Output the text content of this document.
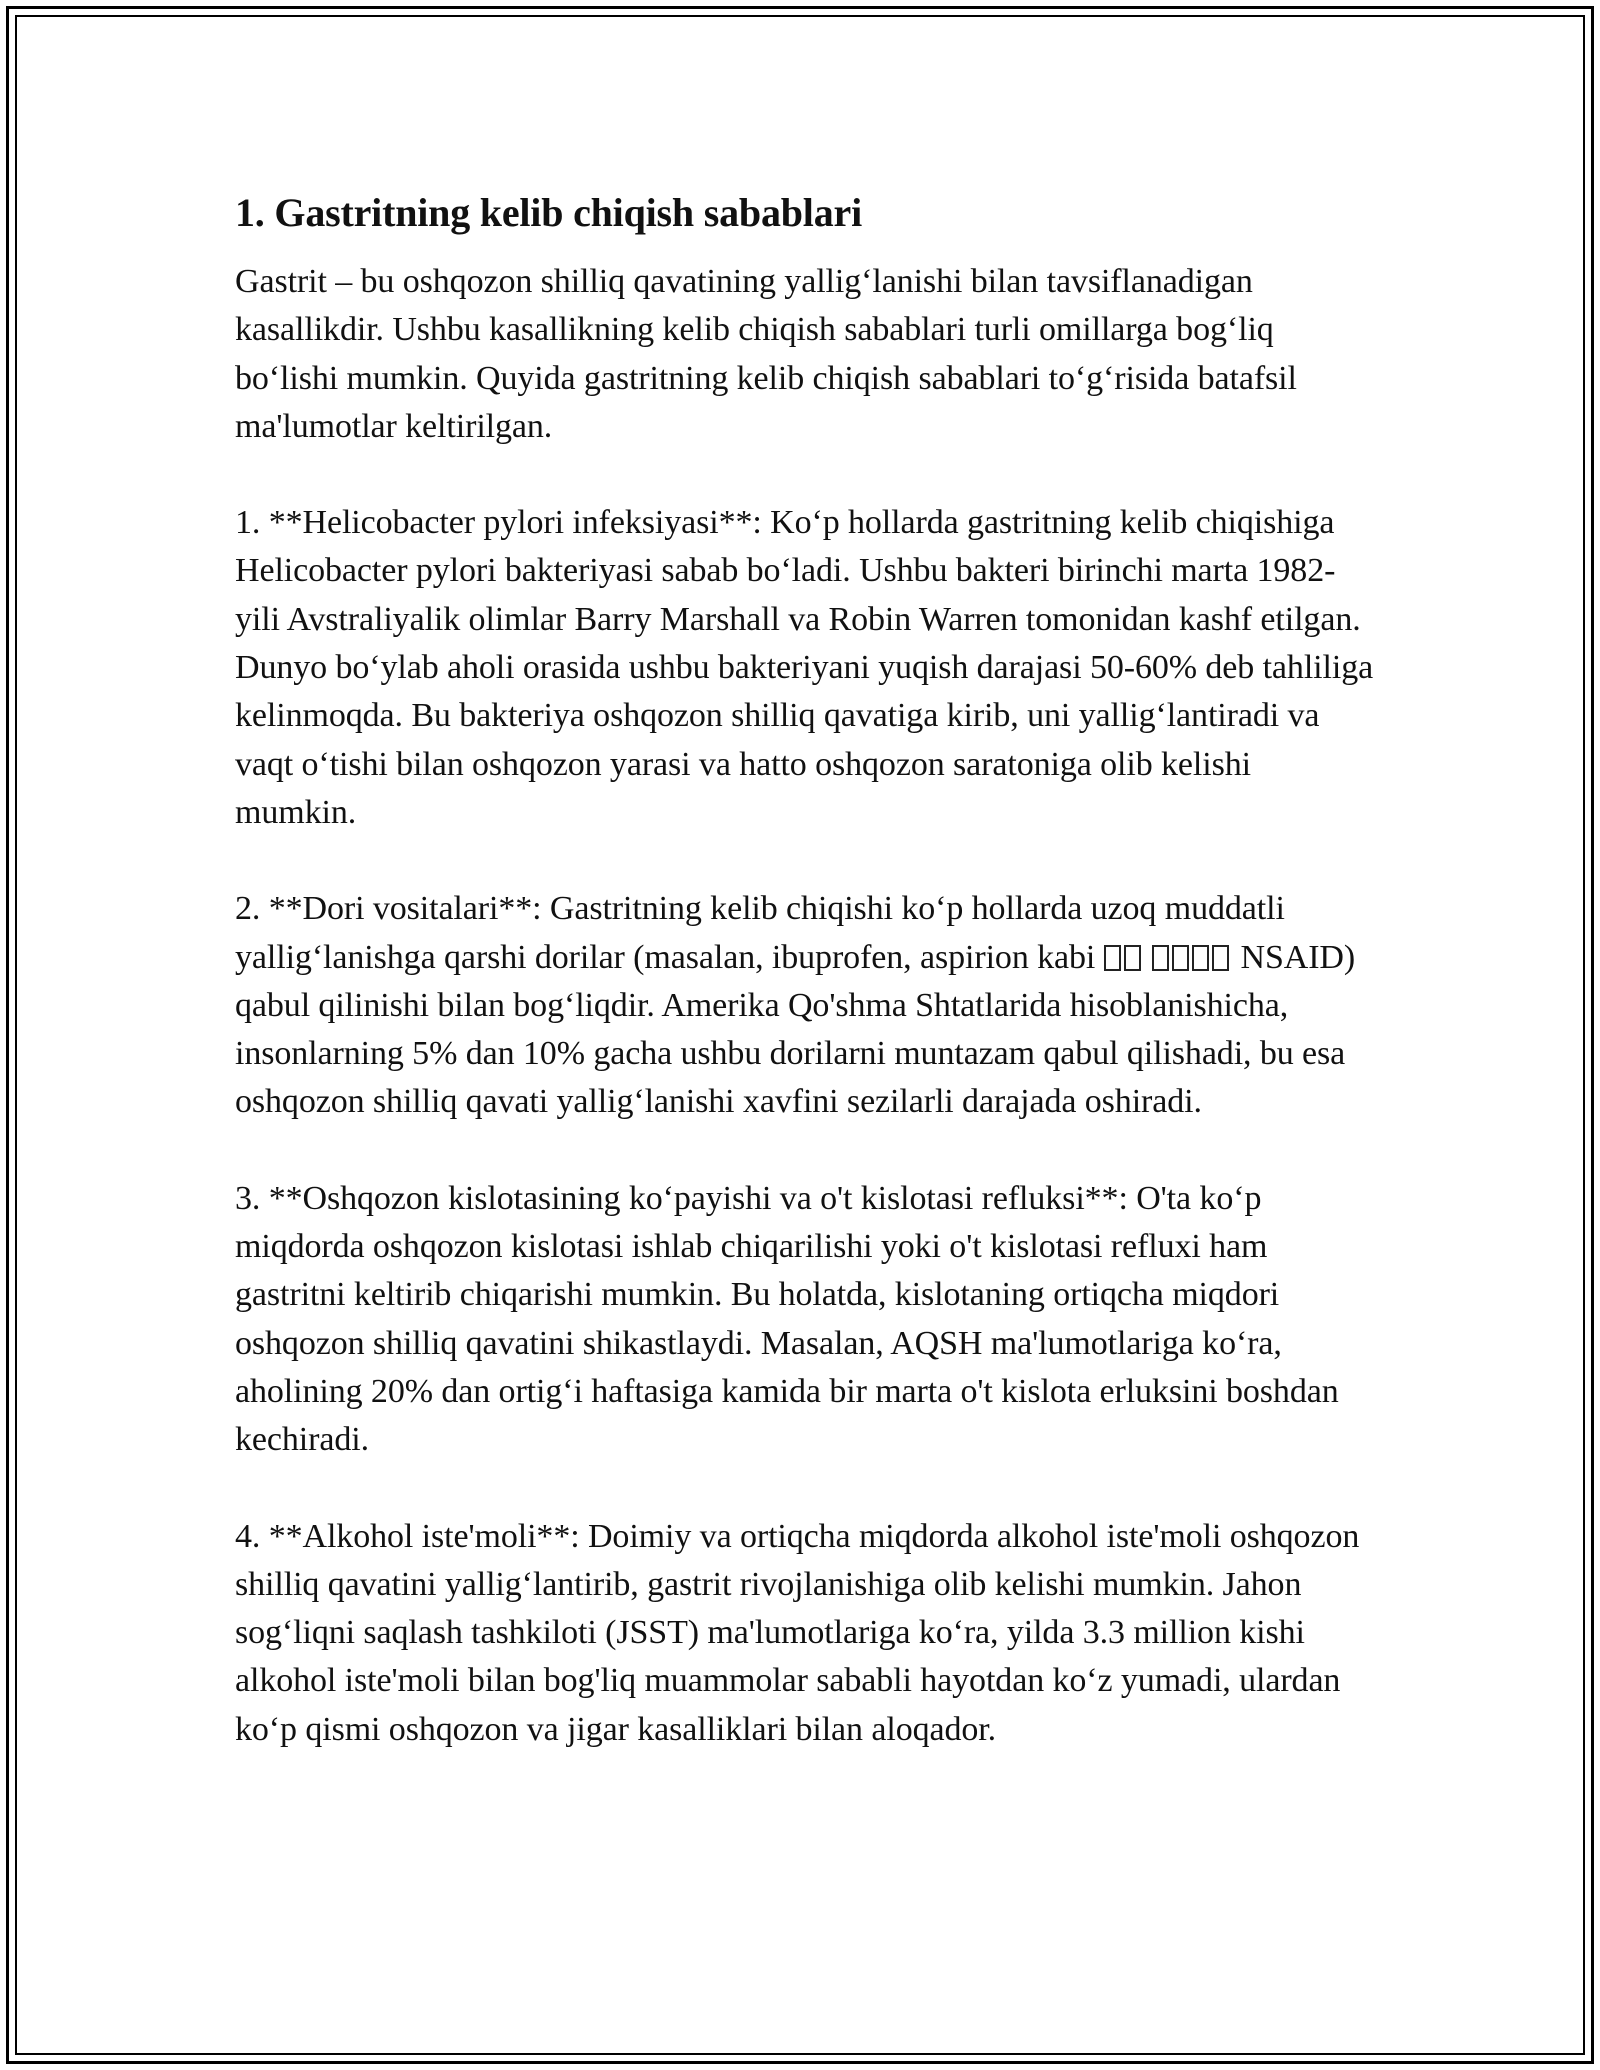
1. Gastritning kelib chiqish sabablari

Gastrit – bu oshqozon shilliq qavatining yallig‘lanishi bilan tavsiflanadigan kasallikdir. Ushbu kasallikning kelib chiqish sabablari turli omillarga bog‘liq bo‘lishi mumkin. Quyida gastritning kelib chiqish sabablari to‘g‘risida batafsil ma'lumotlar keltirilgan.

1. **Helicobacter pylori infeksiyasi**: Ko‘p hollarda gastritning kelib chiqishiga Helicobacter pylori bakteriyasi sabab bo‘ladi. Ushbu bakteri birinchi marta 1982-yili Avstraliyalik olimlar Barry Marshall va Robin Warren tomonidan kashf etilgan. Dunyo bo‘ylab aholi orasida ushbu bakteriyani yuqish darajasi 50-60% deb tahliliga kelinmoqda. Bu bakteriya oshqozon shilliq qavatiga kirib, uni yallig‘lantiradi va vaqt o‘tishi bilan oshqozon yarasi va hatto oshqozon saratoniga olib kelishi mumkin.

2. **Dori vositalari**: Gastritning kelib chiqishi ko‘p hollarda uzoq muddatli yallig‘lanishga qarshi dorilar (masalan, ibuprofen, aspirion kabi	NSAID) qabul qilinishi bilan bog‘liqdir. Amerika Qo'shma Shtatlarida hisoblanishicha, insonlarning 5% dan 10% gacha ushbu dorilarni muntazam qabul qilishadi, bu esa oshqozon shilliq qavati yallig‘lanishi xavfini sezilarli darajada oshiradi.

3. **Oshqozon kislotasining ko‘payishi va o't kislotasi refluksi**: O'ta ko‘p miqdorda oshqozon kislotasi ishlab chiqarilishi yoki o't kislotasi refluxi ham gastritni keltirib chiqarishi mumkin. Bu holatda, kislotaning ortiqcha miqdori oshqozon shilliq qavatini shikastlaydi. Masalan, AQSH ma'lumotlariga ko‘ra, aholining 20% dan ortig‘i haftasiga kamida bir marta o't kislota erluksini boshdan kechiradi.

4. **Alkohol iste'moli**: Doimiy va ortiqcha miqdorda alkohol iste'moli oshqozon shilliq qavatini yallig‘lantirib, gastrit rivojlanishiga olib kelishi mumkin. Jahon sog‘liqni saqlash tashkiloti (JSST) ma'lumotlariga ko‘ra, yilda 3.3 million kishi alkohol iste'moli bilan bog'liq muammolar sababli hayotdan ko‘z yumadi, ulardan ko‘p qismi oshqozon va jigar kasalliklari bilan aloqador.
